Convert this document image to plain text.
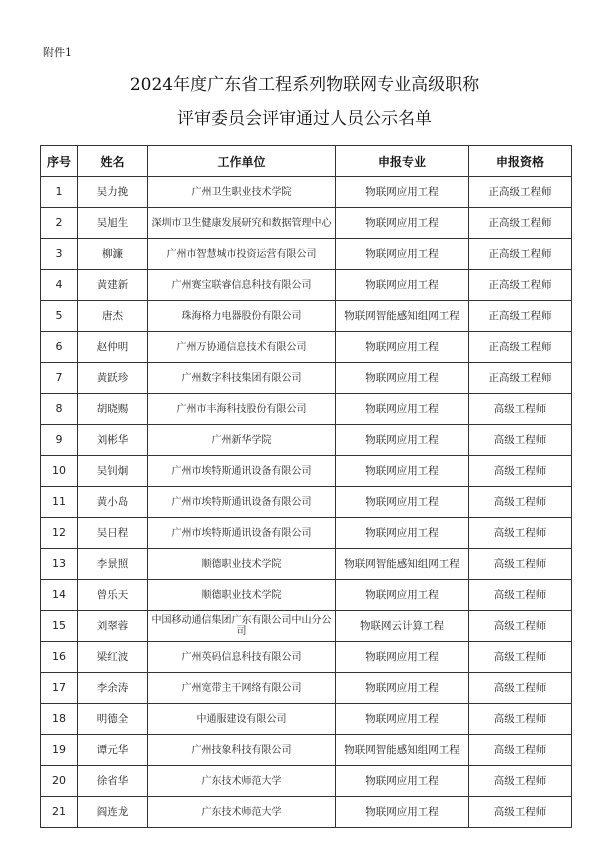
附件1
2024年度广东省工程系列物联网专业高级职称
评审委员会评审通过人员公示名单
序号	姓名	工作单位	申报专业	申报资格
1	吴力挽	广州卫生职业技术学院	物联网应用工程	正高级工程师
2	吴旭生	深圳市卫生健康发展研究和数据管理中心	物联网应用工程	正高级工程师
3	柳濂	广州市智慧城市投资运营有限公司	物联网应用工程	正高级工程师
4	黄建新	广州赛宝联睿信息科技有限公司	物联网应用工程	正高级工程师
5	唐杰	珠海格力电器股份有限公司	物联网智能感知组网工程	正高级工程师
6	赵仲明	广州万协通信息技术有限公司	物联网应用工程	正高级工程师
7	黄跃珍	广州数字科技集团有限公司	物联网应用工程	正高级工程师
8	胡晓赐	广州市丰海科技股份有限公司	物联网应用工程	高级工程师
9	刘彬华	广州新华学院	物联网应用工程	高级工程师
10	吴钊炯	广州市埃特斯通讯设备有限公司	物联网应用工程	高级工程师
11	黄小岛	广州市埃特斯通讯设备有限公司	物联网应用工程	高级工程师
12	吴日程	广州市埃特斯通讯设备有限公司	物联网应用工程	高级工程师
13	李景照	顺德职业技术学院	物联网智能感知组网工程	高级工程师
14	曾乐天	顺德职业技术学院	物联网应用工程	高级工程师
15	刘翠蓉	中国移动通信集团广东有限公司中山分公司	物联网云计算工程	高级工程师
16	梁红波	广州英码信息科技有限公司	物联网应用工程	高级工程师
17	李余涛	广州宽带主干网络有限公司	物联网应用工程	高级工程师
18	明德全	中通服建设有限公司	物联网应用工程	高级工程师
19	谭元华	广州技象科技有限公司	物联网智能感知组网工程	高级工程师
20	徐省华	广东技术师范大学	物联网应用工程	高级工程师
21	阎连龙	广东技术师范大学	物联网应用工程	高级工程师
